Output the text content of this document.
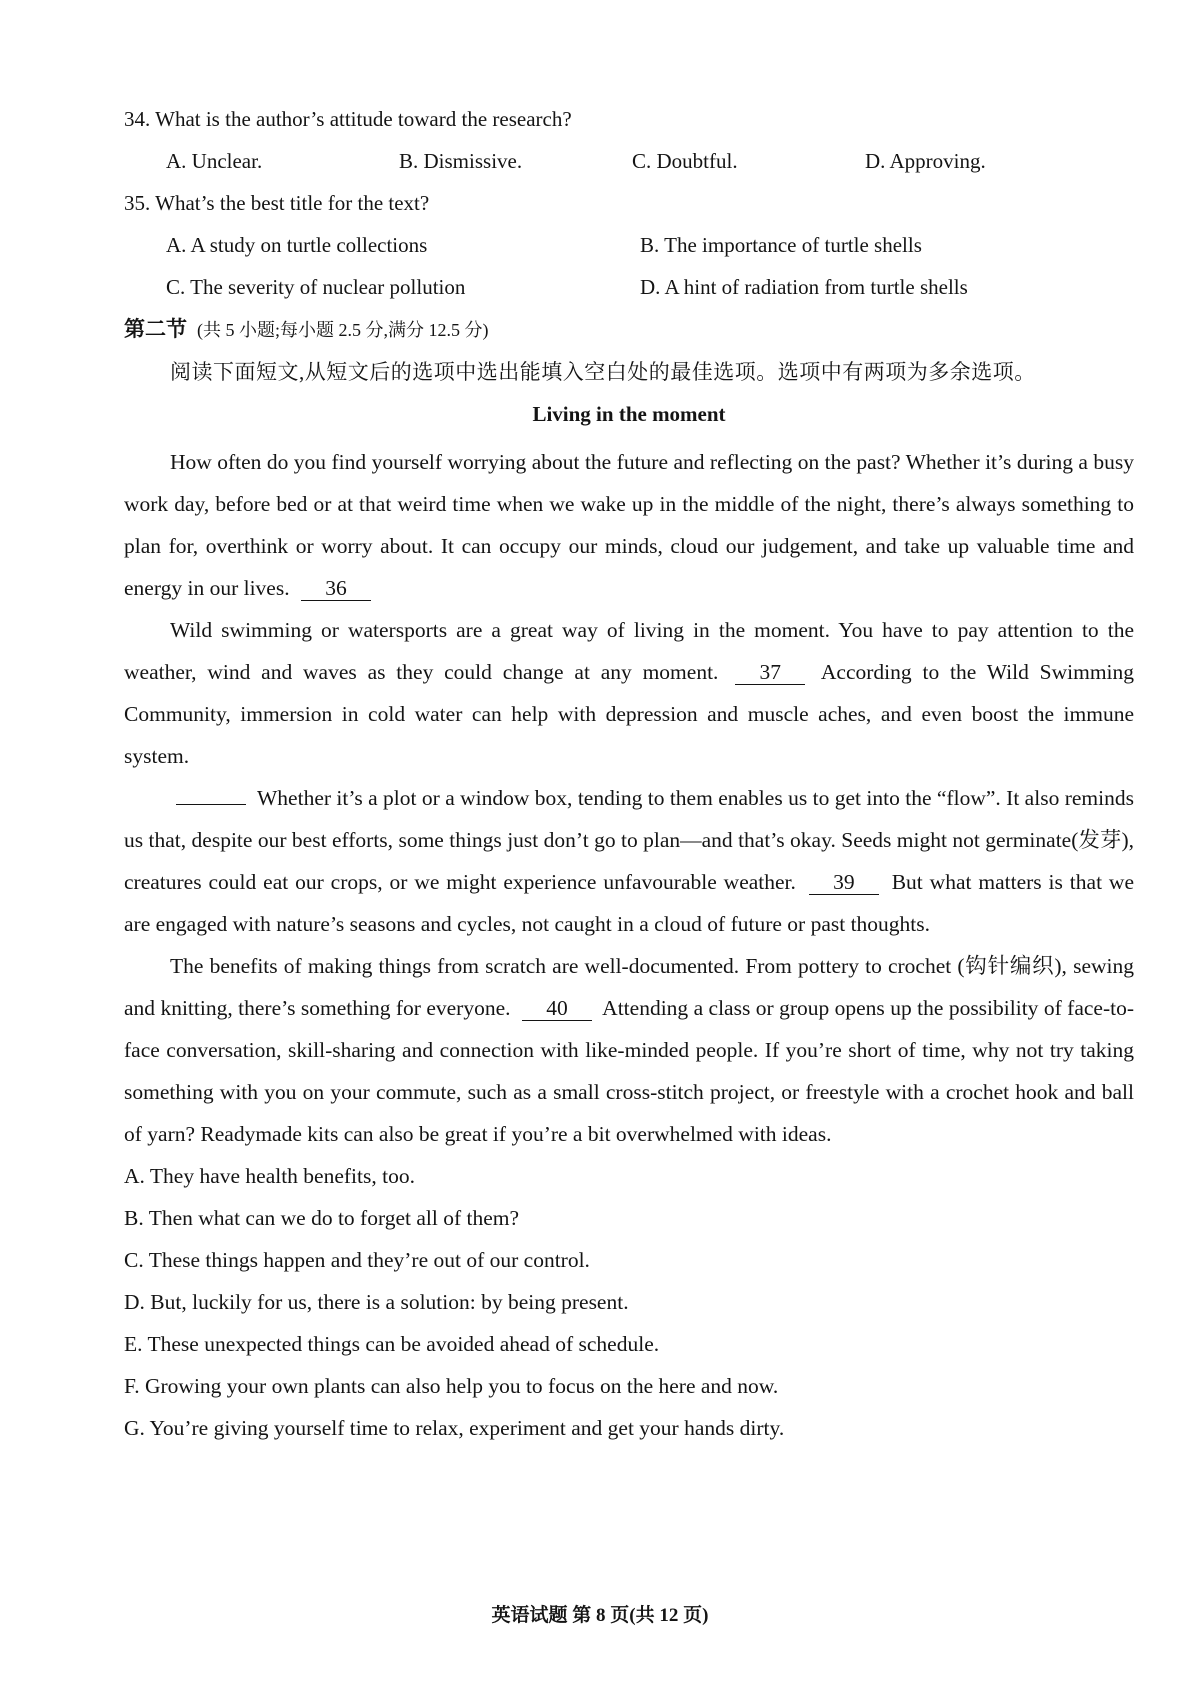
34. What is the author’s attitude toward the research?

A. Unclear.	B. Dismissive.	C. Doubtful.	D. Approving.

35. What’s the best title for the text?

A. A study on turtle collections	B. The importance of turtle shells
C. The severity of nuclear pollution	D. A hint of radiation from turtle shells
第二节 (共 5 小题;每小题 2.5 分,满分 12.5 分)

阅读下面短文,从短文后的选项中选出能填入空白处的最佳选项。选项中有两项为多余选项。

Living in the moment

How often do you find yourself worrying about the future and reflecting on the past? Whether it’s during a busy work day, before bed or at that weird time when we wake up in the middle of the night, there’s always something to plan for, overthink or worry about. It can occupy our minds, cloud our judgement, and take up valuable time and energy in our lives. 36

Wild swimming or watersports are a great way of living in the moment. You have to pay attention to the weather, wind and waves as they could change at any moment. 37 According to the Wild Swimming Community, immersion in cold water can help with depression and muscle aches, and even boost the immune system.

Whether it’s a plot or a window box, tending to them enables us to get into the “flow”. It also reminds us that, despite our best efforts, some things just don’t go to plan—and that’s okay. Seeds might not germinate(发芽), creatures could eat our crops, or we might experience unfavourable weather. 39 But what matters is that we are engaged with nature’s seasons and cycles, not caught in a cloud of future or past thoughts.

The benefits of making things from scratch are well-documented. From pottery to crochet (钩针编织), sewing and knitting, there’s something for everyone. 40 Attending a class or group opens up the possibility of face-to-face conversation, skill-sharing and connection with like-minded people. If you’re short of time, why not try taking something with you on your commute, such as a small cross-stitch project, or freestyle with a crochet hook and ball of yarn? Readymade kits can also be great if you’re a bit overwhelmed with ideas.

A. They have health benefits, too.

B. Then what can we do to forget all of them?

C. These things happen and they’re out of our control.

D. But, luckily for us, there is a solution: by being present.

E. These unexpected things can be avoided ahead of schedule.

F. Growing your own plants can also help you to focus on the here and now.

G. You’re giving yourself time to relax, experiment and get your hands dirty.

英语试题 第 8 页(共 12 页)
